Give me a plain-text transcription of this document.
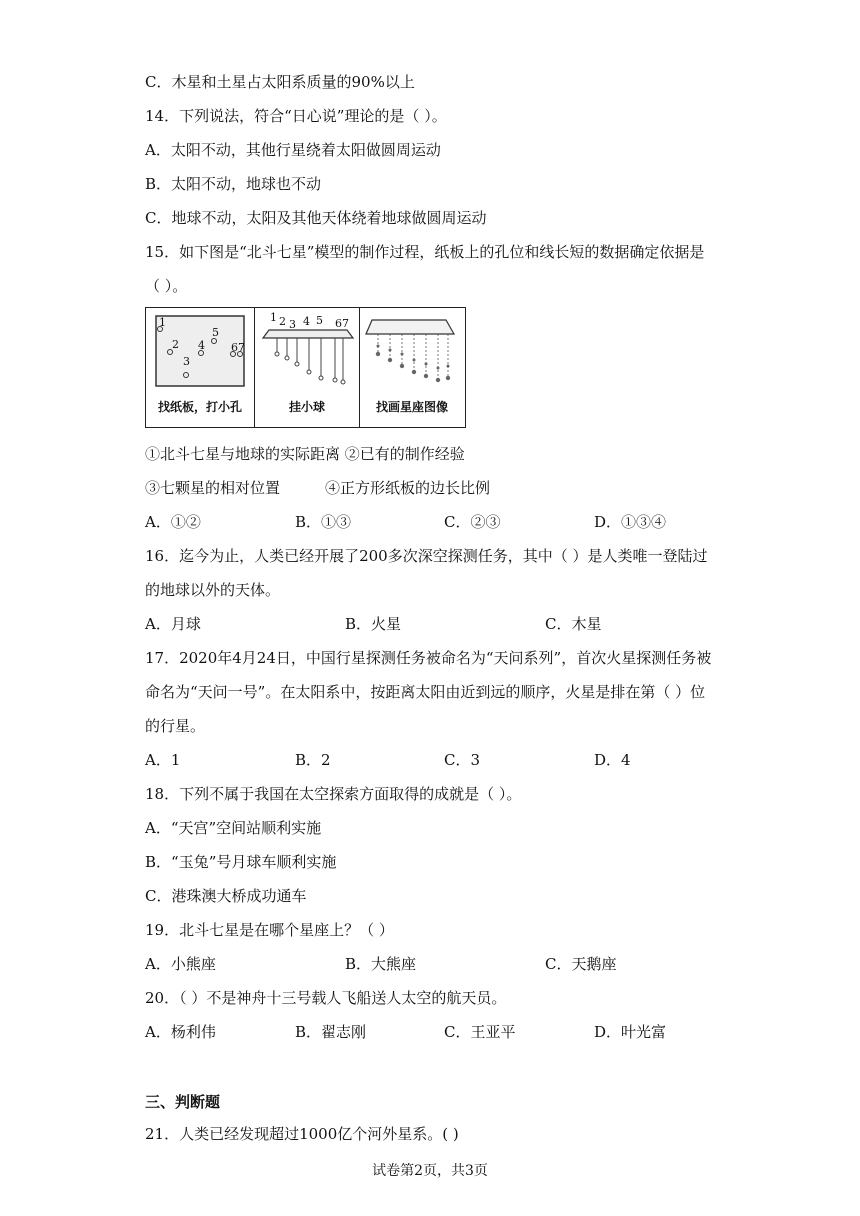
C．木星和土星占太阳系质量的90%以上
14．下列说法，符合“日心说”理论的是（ ）。
A．太阳不动，其他行星绕着太阳做圆周运动
B．太阳不动，地球也不动
C．地球不动，太阳及其他天体绕着地球做圆周运动
15．如下图是“北斗七星”模型的制作过程，纸板上的孔位和线长短的数据确定依据是
（ ）。
1
2
3
4
5
67
找纸板，打小孔
1 2 3 4 5 67
挂小球	找画星座图像
①北斗七星与地球的实际距离 ②已有的制作经验
③七颗星的相对位置	④正方形纸板的边长比例
A．①②	B．①③	C．②③	D．①③④
16．迄今为止，人类已经开展了200多次深空探测任务，其中（ ）是人类唯一登陆过
的地球以外的天体。
A．月球	B．火星	C．木星
17．2020年4月24日，中国行星探测任务被命名为“天问系列”，首次火星探测任务被
命名为“天问一号”。在太阳系中，按距离太阳由近到远的顺序，火星是排在第（ ）位
的行星。
A．1	B．2	C．3	D．4
18．下列不属于我国在太空探索方面取得的成就是（ ）。
A．“天宫”空间站顺利实施
B．“玉兔”号月球车顺利实施
C．港珠澳大桥成功通车
19．北斗七星是在哪个星座上？（ ）
A．小熊座	B．大熊座	C．天鹅座
20．（ ）不是神舟十三号载人飞船送人太空的航天员。
A．杨利伟	B．翟志刚	C．王亚平	D．叶光富
三、判断题
21．人类已经发现超过1000亿个河外星系。( )
试卷第2页，共3页
